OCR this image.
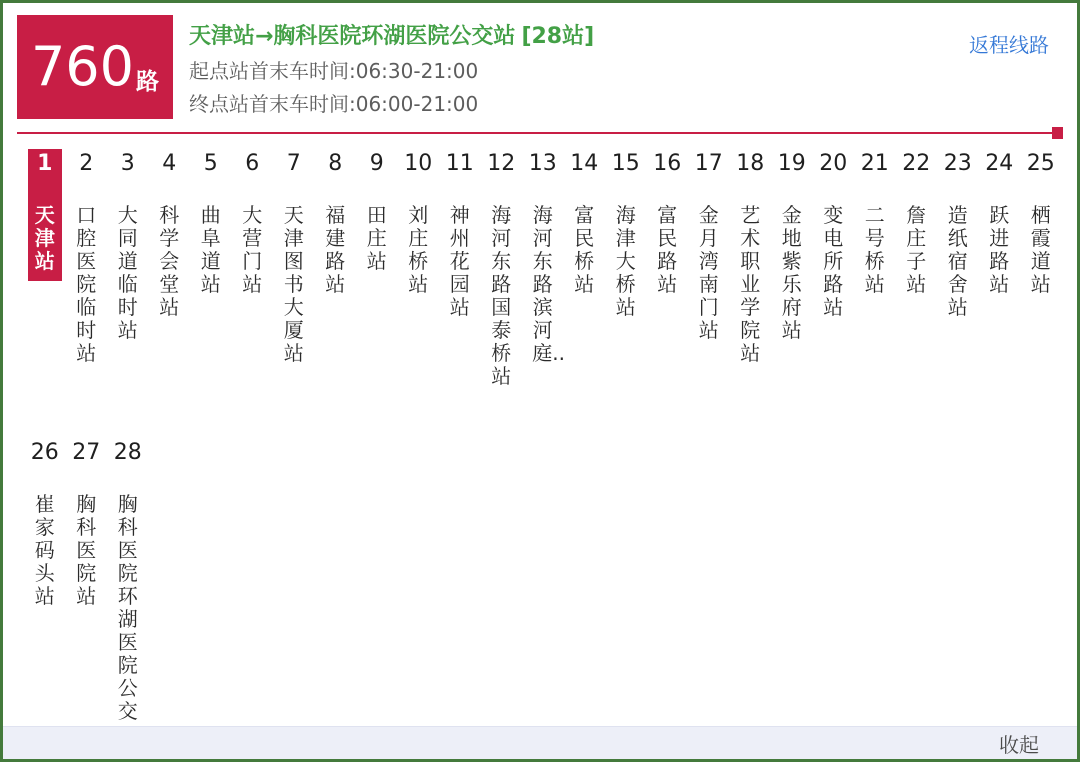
760 路
天津站→胸科医院环湖医院公交站 [28站]
起点站首末车时间:06:30-21:00
终点站首末车时间:06:00-21:00
返程线路
1
天津站
2
口腔医院临时站
3
大同道临时站
4
科学会堂站
5
曲阜道站
6
大营门站
7
天津图书大厦站
8
福建路站
9
田庄站
10
刘庄桥站
11
神州花园站
12
海河东路国泰桥站
13
海河东路滨河庭..
14
富民桥站
15
海津大桥站
16
富民路站
17
金月湾南门站
18
艺术职业学院站
19
金地紫乐府站
20
变电所路站
21
二号桥站
22
詹庄子站
23
造纸宿舍站
24
跃进路站
25
栖霞道站
26
崔家码头站
27
胸科医院站
28
胸科医院环湖医院公交
收起
